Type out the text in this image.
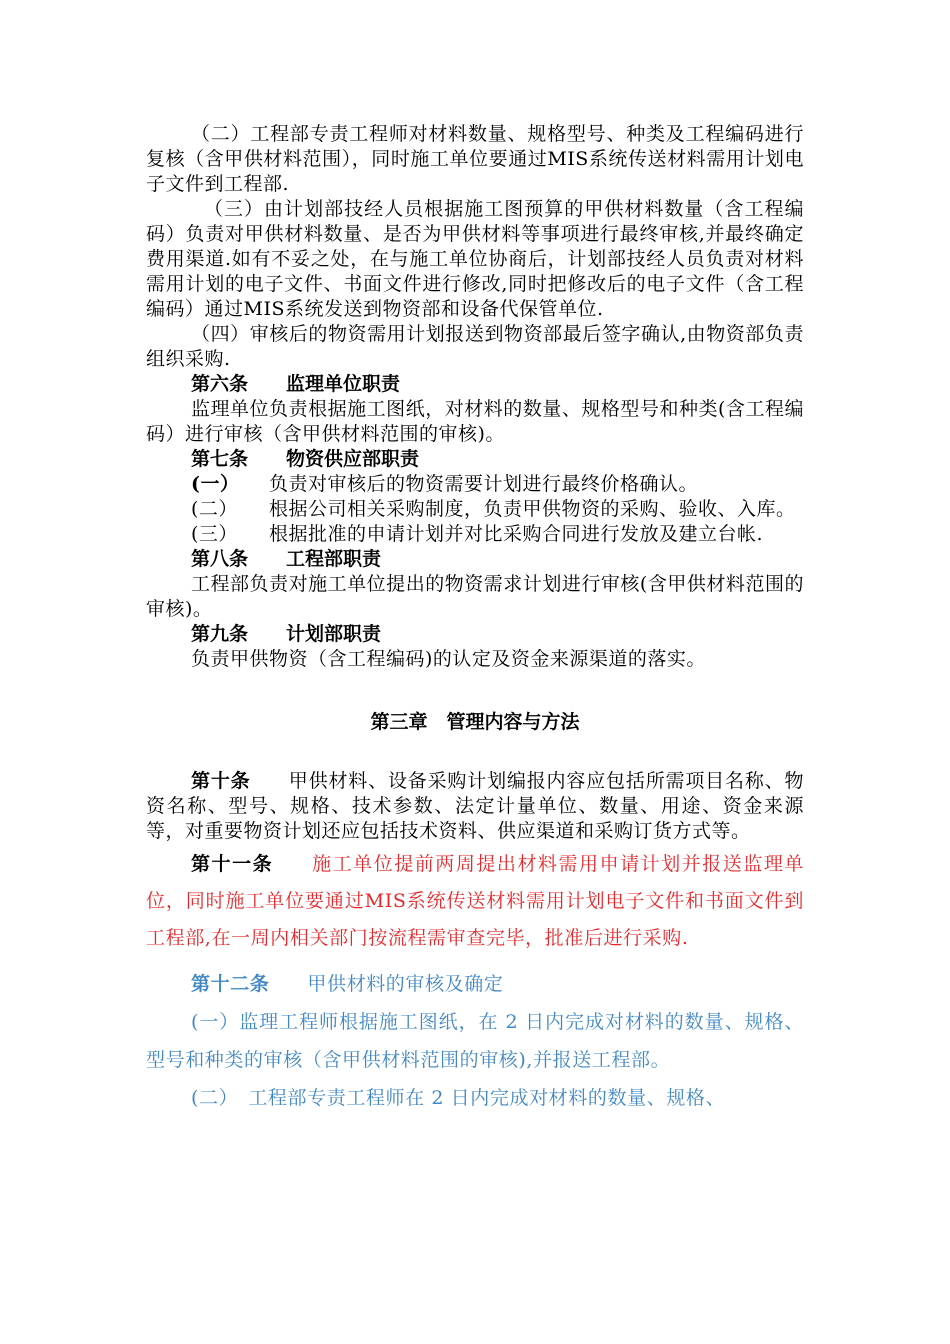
（二）工程部专责工程师对材料数量、规格型号、种类及工程编码进行复核（含甲供材料范围），同时施工单位要通过MIS系统传送材料需用计划电子文件到工程部.

（三）由计划部技经人员根据施工图预算的甲供材料数量（含工程编码）负责对甲供材料数量、是否为甲供材料等事项进行最终审核,并最终确定费用渠道.如有不妥之处，在与施工单位协商后，计划部技经人员负责对材料需用计划的电子文件、书面文件进行修改,同时把修改后的电子文件（含工程编码）通过MIS系统发送到物资部和设备代保管单位.

（四）审核后的物资需用计划报送到物资部最后签字确认,由物资部负责组织采购.

第六条 监理单位职责

监理单位负责根据施工图纸，对材料的数量、规格型号和种类(含工程编码）进行审核（含甲供材料范围的审核)。

第七条 物资供应部职责

(一） 负责对审核后的物资需要计划进行最终价格确认。

(二） 根据公司相关采购制度，负责甲供物资的采购、验收、入库。

(三） 根据批准的申请计划并对比采购合同进行发放及建立台帐.

第八条 工程部职责

工程部负责对施工单位提出的物资需求计划进行审核(含甲供材料范围的审核)。

第九条 计划部职责

负责甲供物资（含工程编码)的认定及资金来源渠道的落实。

第三章　管理内容与方法

第十条 甲供材料、设备采购计划编报内容应包括所需项目名称、物资名称、型号、规格、技术参数、法定计量单位、数量、用途、资金来源等，对重要物资计划还应包括技术资料、供应渠道和采购订货方式等。

第十一条 施工单位提前两周提出材料需用申请计划并报送监理单位，同时施工单位要通过MIS系统传送材料需用计划电子文件和书面文件到工程部,在一周内相关部门按流程需审查完毕，批准后进行采购.

第十二条 甲供材料的审核及确定

(一）监理工程师根据施工图纸，在 2 日内完成对材料的数量、规格、型号和种类的审核（含甲供材料范围的审核),并报送工程部。

(二）　工程部专责工程师在 2 日内完成对材料的数量、规格、
